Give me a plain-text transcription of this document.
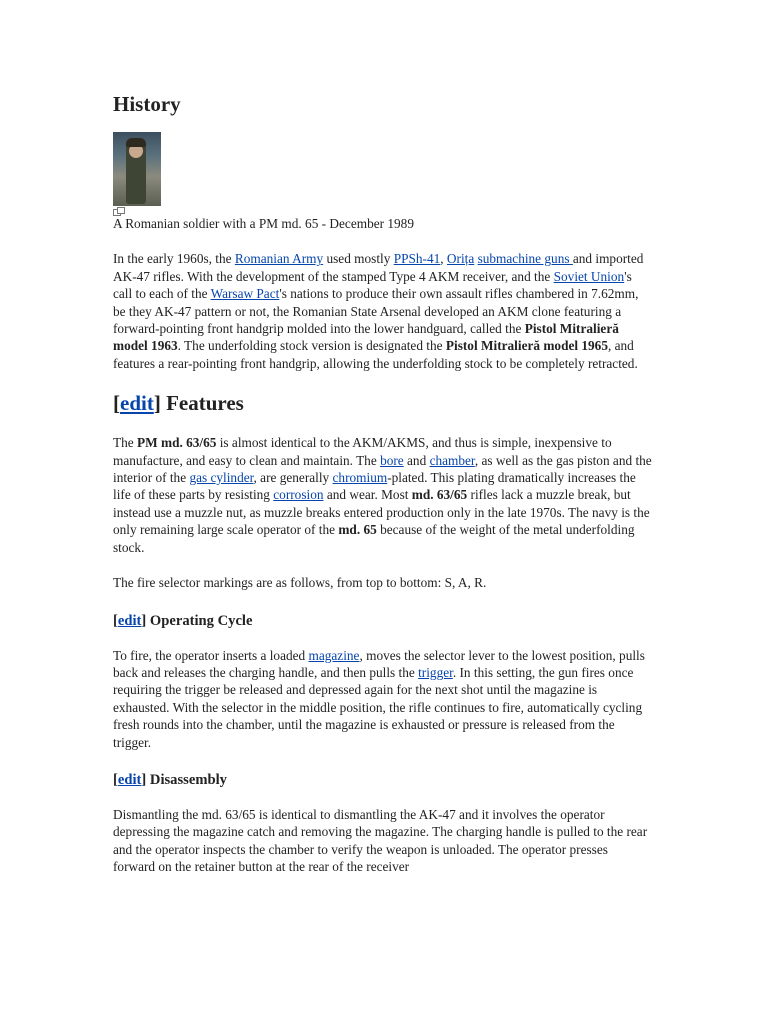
History

A Romanian soldier with a PM md. 65 - December 1989

In the early 1960s, the Romanian Army used mostly PPSh-41, Orița submachine guns and imported AK-47 rifles. With the development of the stamped Type 4 AKM receiver, and the Soviet Union's call to each of the Warsaw Pact's nations to produce their own assault rifles chambered in 7.62mm, be they AK-47 pattern or not, the Romanian State Arsenal developed an AKM clone featuring a forward-pointing front handgrip molded into the lower handguard, called the Pistol Mitralieră model 1963. The underfolding stock version is designated the Pistol Mitralieră model 1965, and features a rear-pointing front handgrip, allowing the underfolding stock to be completely retracted.

[edit] Features

The PM md. 63/65 is almost identical to the AKM/AKMS, and thus is simple, inexpensive to manufacture, and easy to clean and maintain. The bore and chamber, as well as the gas piston and the interior of the gas cylinder, are generally chromium-plated. This plating dramatically increases the life of these parts by resisting corrosion and wear. Most md. 63/65 rifles lack a muzzle break, but instead use a muzzle nut, as muzzle breaks entered production only in the late 1970s. The navy is the only remaining large scale operator of the md. 65 because of the weight of the metal underfolding stock.

The fire selector markings are as follows, from top to bottom: S, A, R.

[edit] Operating Cycle

To fire, the operator inserts a loaded magazine, moves the selector lever to the lowest position, pulls back and releases the charging handle, and then pulls the trigger. In this setting, the gun fires once requiring the trigger be released and depressed again for the next shot until the magazine is exhausted. With the selector in the middle position, the rifle continues to fire, automatically cycling fresh rounds into the chamber, until the magazine is exhausted or pressure is released from the trigger.

[edit] Disassembly

Dismantling the md. 63/65 is identical to dismantling the AK-47 and it involves the operator depressing the magazine catch and removing the magazine. The charging handle is pulled to the rear and the operator inspects the chamber to verify the weapon is unloaded. The operator presses forward on the retainer button at the rear of the receiver
